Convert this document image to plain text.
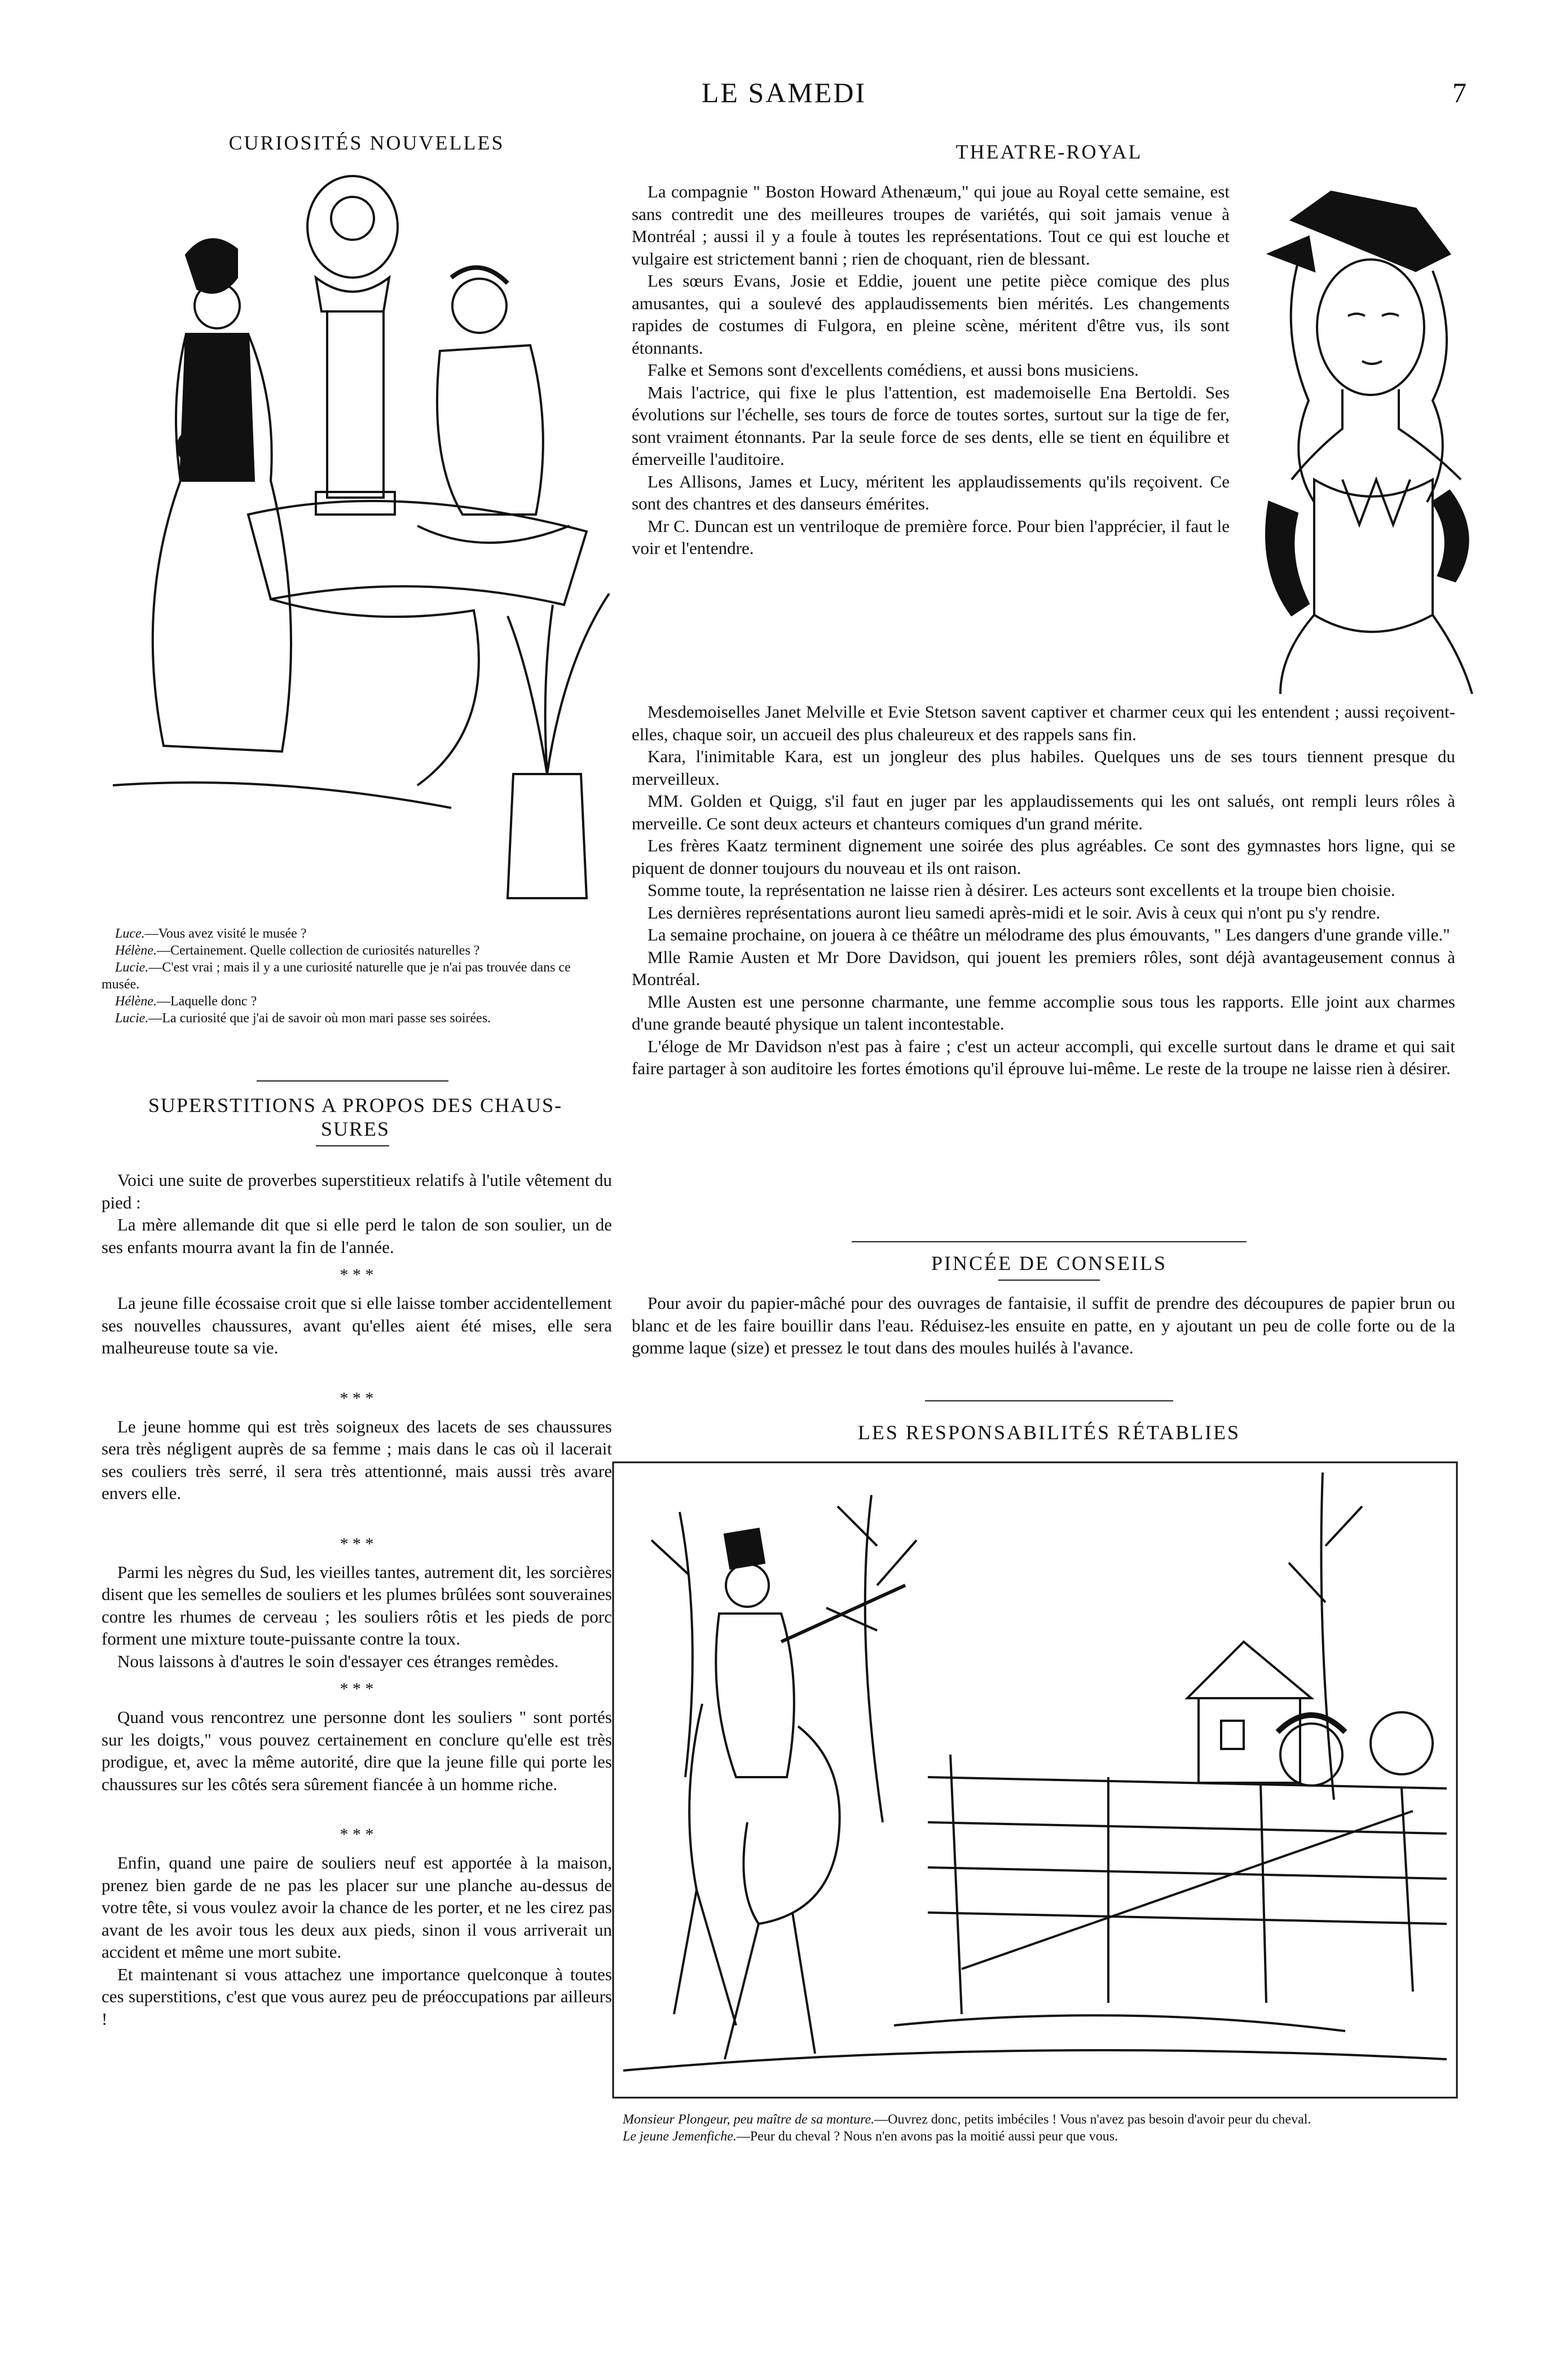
LE SAMEDI	7
CURIOSITÉS NOUVELLES

Luce.—Vous avez visité le musée ?

Hélène.—Certainement. Quelle collection de curiosités naturelles ?

Lucie.—C'est vrai ; mais il y a une curiosité naturelle que je n'ai pas trouvée dans ce musée.

Hélène.—Laquelle donc ?

Lucie.—La curiosité que j'ai de savoir où mon mari passe ses soirées.

SUPERSTITIONS A PROPOS DES CHAUS-
SURES

Voici une suite de proverbes superstitieux relatifs à l'utile vêtement du pied :

La mère allemande dit que si elle perd le talon de son soulier, un de ses enfants mourra avant la fin de l'année.

* * *

La jeune fille écossaise croit que si elle laisse tomber accidentellement ses nouvelles chaussures, avant qu'elles aient été mises, elle sera malheureuse toute sa vie.

* * *

Le jeune homme qui est très soigneux des lacets de ses chaussures sera très négligent auprès de sa femme ; mais dans le cas où il lacerait ses couliers très serré, il sera très attentionné, mais aussi très avare envers elle.

* * *

Parmi les nègres du Sud, les vieilles tantes, autrement dit, les sorcières disent que les semelles de souliers et les plumes brûlées sont souveraines contre les rhumes de cerveau ; les souliers rôtis et les pieds de porc forment une mixture toute-puissante contre la toux.

Nous laissons à d'autres le soin d'essayer ces étranges remèdes.

* * *

Quand vous rencontrez une personne dont les souliers " sont portés sur les doigts," vous pouvez certainement en conclure qu'elle est très prodigue, et, avec la même autorité, dire que la jeune fille qui porte les chaussures sur les côtés sera sûrement fiancée à un homme riche.

* * *

Enfin, quand une paire de souliers neuf est apportée à la maison, prenez bien garde de ne pas les placer sur une planche au-dessus de votre tête, si vous voulez avoir la chance de les porter, et ne les cirez pas avant de les avoir tous les deux aux pieds, sinon il vous arriverait un accident et même une mort subite.

Et maintenant si vous attachez une importance quelconque à toutes ces superstitions, c'est que vous aurez peu de préoccupations par ailleurs !

THEATRE-ROYAL

La compagnie " Boston Howard Athenæum," qui joue au Royal cette semaine, est sans contredit une des meilleures troupes de variétés, qui soit jamais venue à Montréal ; aussi il y a foule à toutes les représentations. Tout ce qui est louche et vulgaire est strictement banni ; rien de choquant, rien de blessant.

Les sœurs Evans, Josie et Eddie, jouent une petite pièce comique des plus amusantes, qui a soulevé des applaudissements bien mérités. Les changements rapides de costumes di Fulgora, en pleine scène, méritent d'être vus, ils sont étonnants.

Falke et Semons sont d'excellents comédiens, et aussi bons musiciens.

Mais l'actrice, qui fixe le plus l'attention, est mademoiselle Ena Bertoldi. Ses évolutions sur l'échelle, ses tours de force de toutes sortes, surtout sur la tige de fer, sont vraiment étonnants. Par la seule force de ses dents, elle se tient en équilibre et émerveille l'auditoire.

Les Allisons, James et Lucy, méritent les applaudissements qu'ils reçoivent. Ce sont des chantres et des danseurs émérites.

Mr C. Duncan est un ventriloque de première force. Pour bien l'apprécier, il faut le voir et l'entendre.

Mesdemoiselles Janet Melville et Evie Stetson savent captiver et charmer ceux qui les entendent ; aussi reçoivent-elles, chaque soir, un accueil des plus chaleureux et des rappels sans fin.

Kara, l'inimitable Kara, est un jongleur des plus habiles. Quelques uns de ses tours tiennent presque du merveilleux.

MM. Golden et Quigg, s'il faut en juger par les applaudissements qui les ont salués, ont rempli leurs rôles à merveille. Ce sont deux acteurs et chanteurs comiques d'un grand mérite.

Les frères Kaatz terminent dignement une soirée des plus agréables. Ce sont des gymnastes hors ligne, qui se piquent de donner toujours du nouveau et ils ont raison.

Somme toute, la représentation ne laisse rien à désirer. Les acteurs sont excellents et la troupe bien choisie.

Les dernières représentations auront lieu samedi après-midi et le soir. Avis à ceux qui n'ont pu s'y rendre.

La semaine prochaine, on jouera à ce théâtre un mélodrame des plus émouvants, " Les dangers d'une grande ville."

Mlle Ramie Austen et Mr Dore Davidson, qui jouent les premiers rôles, sont déjà avantageusement connus à Montréal.

Mlle Austen est une personne charmante, une femme accomplie sous tous les rapports. Elle joint aux charmes d'une grande beauté physique un talent incontestable.

L'éloge de Mr Davidson n'est pas à faire ; c'est un acteur accompli, qui excelle surtout dans le drame et qui sait faire partager à son auditoire les fortes émotions qu'il éprouve lui-même. Le reste de la troupe ne laisse rien à désirer.

PINCÉE DE CONSEILS

Pour avoir du papier-mâché pour des ouvrages de fantaisie, il suffit de prendre des découpures de papier brun ou blanc et de les faire bouillir dans l'eau. Réduisez-les ensuite en patte, en y ajoutant un peu de colle forte ou de la gomme laque (size) et pressez le tout dans des moules huilés à l'avance.

LES RESPONSABILITÉS RÉTABLIES

Monsieur Plongeur, peu maître de sa monture.—Ouvrez donc, petits imbéciles ! Vous n'avez pas besoin d'avoir peur du cheval.

Le jeune Jemenfiche.—Peur du cheval ? Nous n'en avons pas la moitié aussi peur que vous.
